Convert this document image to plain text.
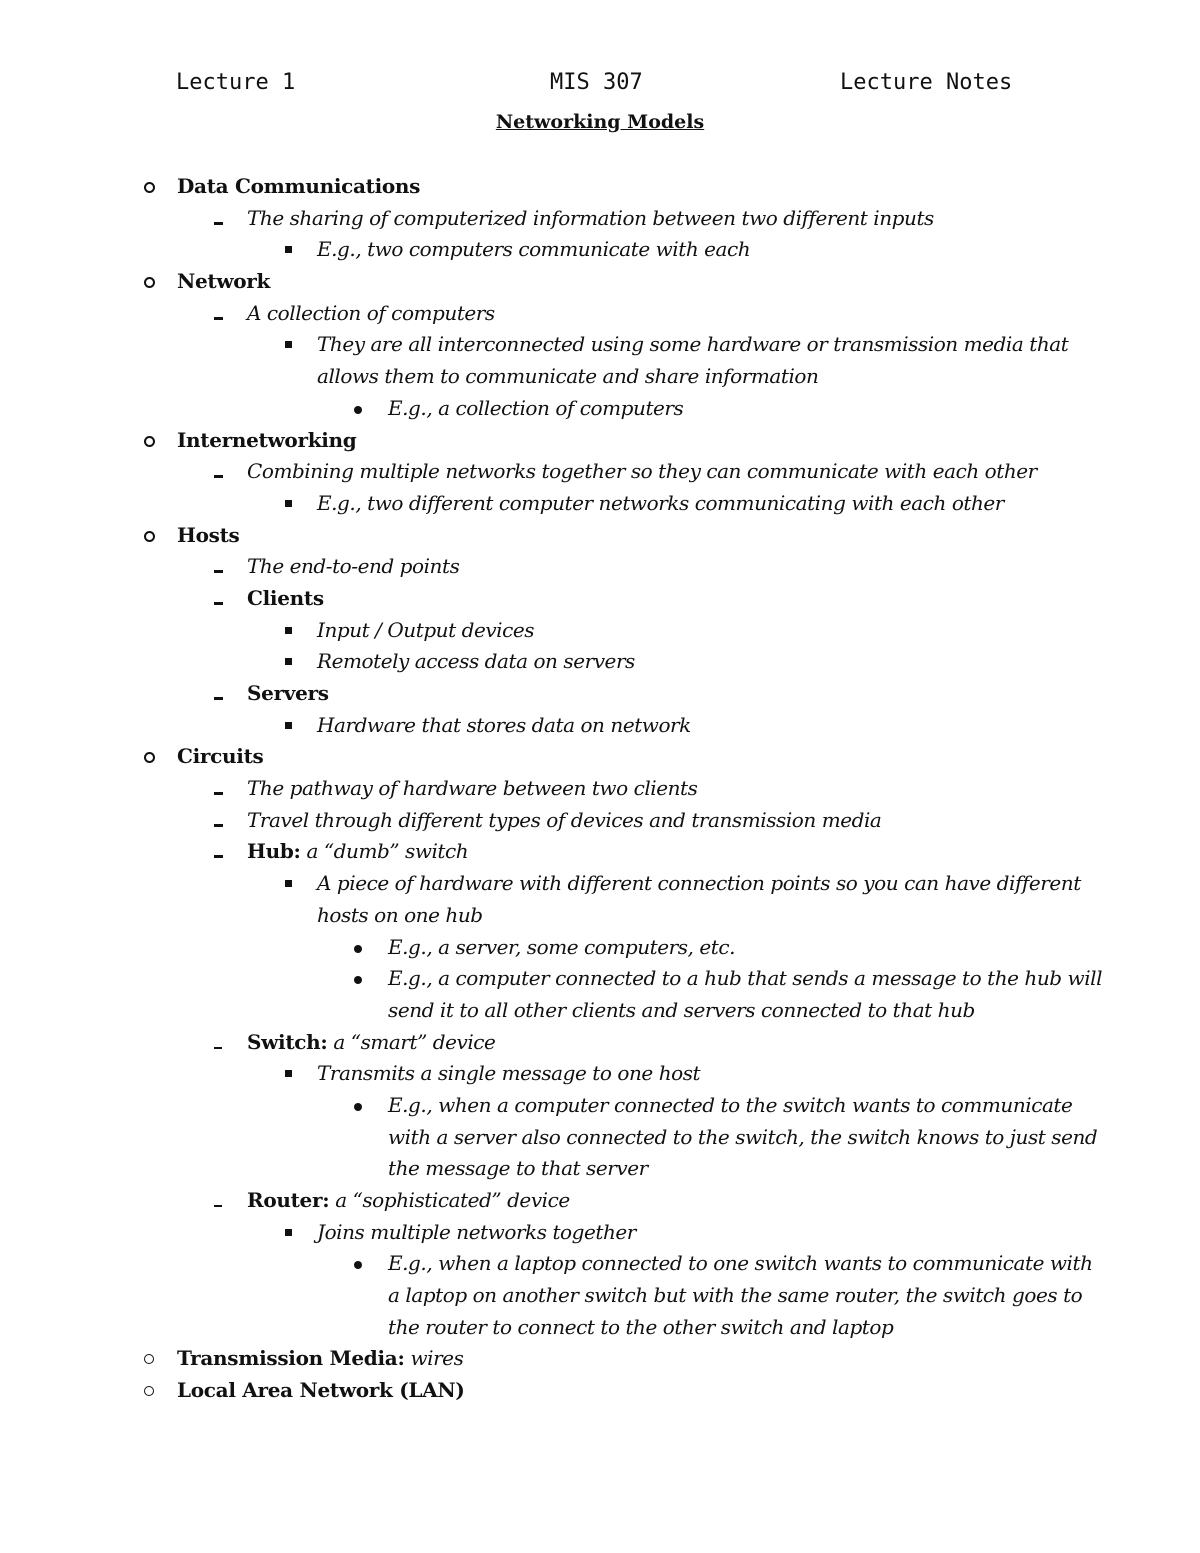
Lecture 1	MIS 307	Lecture Notes
Networking Models
Data Communications
The sharing of computerized information between two different inputs
E.g., two computers communicate with each
Network
A collection of computers
They are all interconnected using some hardware or transmission media that
allows them to communicate and share information
E.g., a collection of computers
Internetworking
Combining multiple networks together so they can communicate with each other
E.g., two different computer networks communicating with each other
Hosts
The end-to-end points
Clients
Input / Output devices
Remotely access data on servers
Servers
Hardware that stores data on network
Circuits
The pathway of hardware between two clients
Travel through different types of devices and transmission media
Hub: a “dumb” switch
A piece of hardware with different connection points so you can have different
hosts on one hub
E.g., a server, some computers, etc.
E.g., a computer connected to a hub that sends a message to the hub will
send it to all other clients and servers connected to that hub
Switch: a “smart” device
Transmits a single message to one host
E.g., when a computer connected to the switch wants to communicate
with a server also connected to the switch, the switch knows to just send
the message to that server
Router: a “sophisticated” device
Joins multiple networks together
E.g., when a laptop connected to one switch wants to communicate with
a laptop on another switch but with the same router, the switch goes to
the router to connect to the other switch and laptop
Transmission Media: wires
Local Area Network (LAN)
